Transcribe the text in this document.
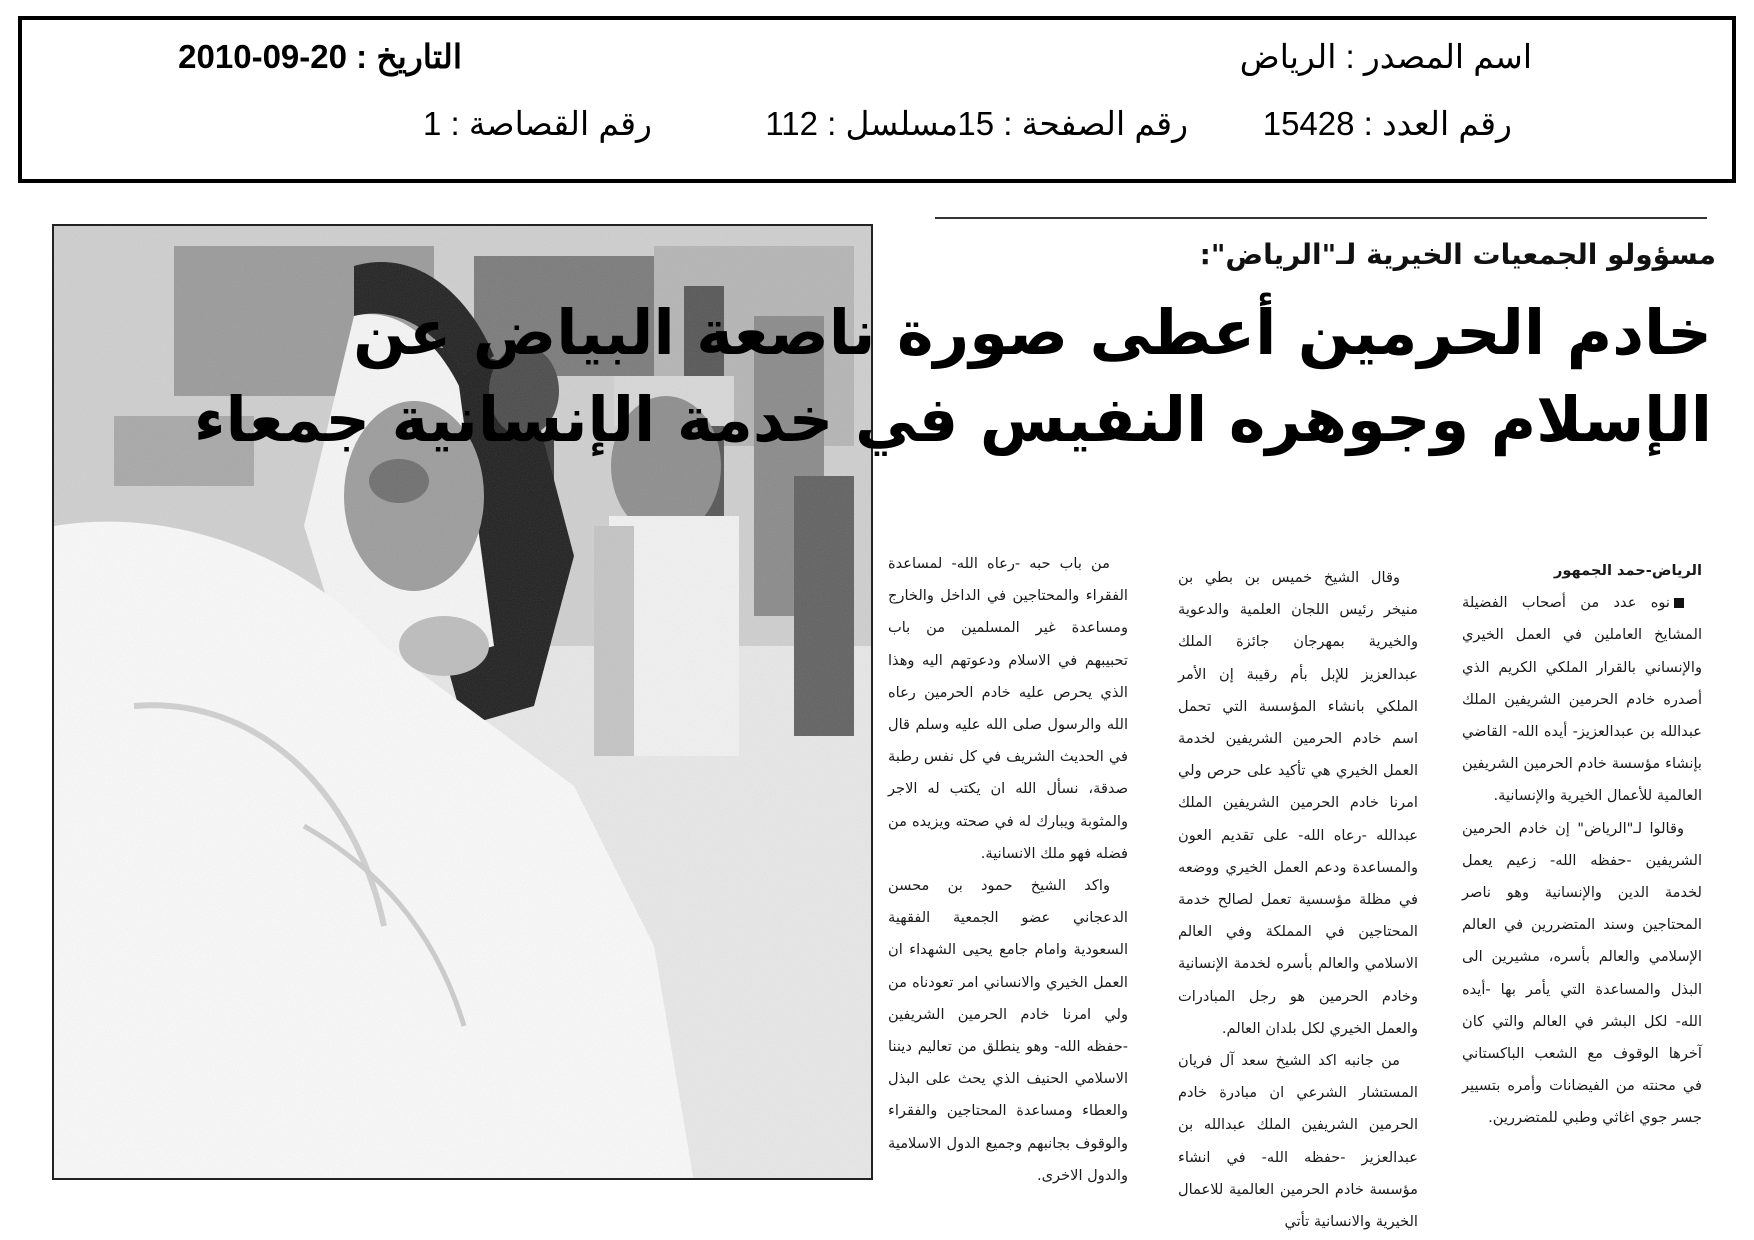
اسم المصدر : الرياض
التاريخ : 20-09-2010
رقم العدد : 15428
رقم الصفحة : 15
مسلسل : 112
رقم القصاصة : 1
مسؤولو الجمعيات الخيرية لـ"الرياض":
خادم الحرمين أعطى صورة ناصعة البياض عن
الإسلام وجوهره النفيس في خدمة الإنسانية جمعاء

الرياض-حمد الجمهور

نوه عدد من أصحاب الفضيلة المشايخ العاملين في العمل الخيري والإنساني بالقرار الملكي الكريم الذي أصدره خادم الحرمين الشريفين الملك عبدالله بن عبدالعزيز- أيده الله- القاضي بإنشاء مؤسسة خادم الحرمين الشريفين العالمية للأعمال الخيرية والإنسانية.

وقالوا لـ"الرياض" إن خادم الحرمين الشريفين -حفظه الله- زعيم يعمل لخدمة الدين والإنسانية وهو ناصر المحتاجين وسند المتضررين في العالم الإسلامي والعالم بأسره، مشيرين الى البذل والمساعدة التي يأمر بها -أيده الله- لكل البشر في العالم والتي كان آخرها الوقوف مع الشعب الباكستاني في محنته من الفيضانات وأمره بتسيير جسر جوي اغاثي وطبي للمتضررين.

وقال الشيخ خميس بن بطي بن منيخر رئيس اللجان العلمية والدعوية والخيرية بمهرجان جائزة الملك عبدالعزيز للإبل بأم رقيبة إن الأمر الملكي بانشاء المؤسسة التي تحمل اسم خادم الحرمين الشريفين لخدمة العمل الخيري هي تأكيد على حرص ولي امرنا خادم الحرمين الشريفين الملك عبدالله -رعاه الله- على تقديم العون والمساعدة ودعم العمل الخيري ووضعه في مظلة مؤسسية تعمل لصالح خدمة المحتاجين في المملكة وفي العالم الاسلامي والعالم بأسره لخدمة الإنسانية وخادم الحرمين هو رجل المبادرات والعمل الخيري لكل بلدان العالم.

من جانبه اكد الشيخ سعد آل فريان المستشار الشرعي ان مبادرة خادم الحرمين الشريفين الملك عبدالله بن عبدالعزيز -حفظه الله- في انشاء مؤسسة خادم الحرمين العالمية للاعمال الخيرية والانسانية تأتي

من باب حبه -رعاه الله- لمساعدة الفقراء والمحتاجين في الداخل والخارج ومساعدة غير المسلمين من باب تحبيبهم في الاسلام ودعوتهم اليه وهذا الذي يحرص عليه خادم الحرمين رعاه الله والرسول صلى الله عليه وسلم قال في الحديث الشريف في كل نفس رطبة صدقة، نسأل الله ان يكتب له الاجر والمثوبة ويبارك له في صحته ويزيده من فضله فهو ملك الانسانية.

واكد الشيخ حمود بن محسن الدعجاني عضو الجمعية الفقهية السعودية وامام جامع يحيى الشهداء ان العمل الخيري والانساني امر تعودناه من ولي امرنا خادم الحرمين الشريفين -حفظه الله- وهو ينطلق من تعاليم ديننا الاسلامي الحنيف الذي يحث على البذل والعطاء ومساعدة المحتاجين والفقراء والوقوف بجانبهم وجميع الدول الاسلامية والدول الاخرى.
